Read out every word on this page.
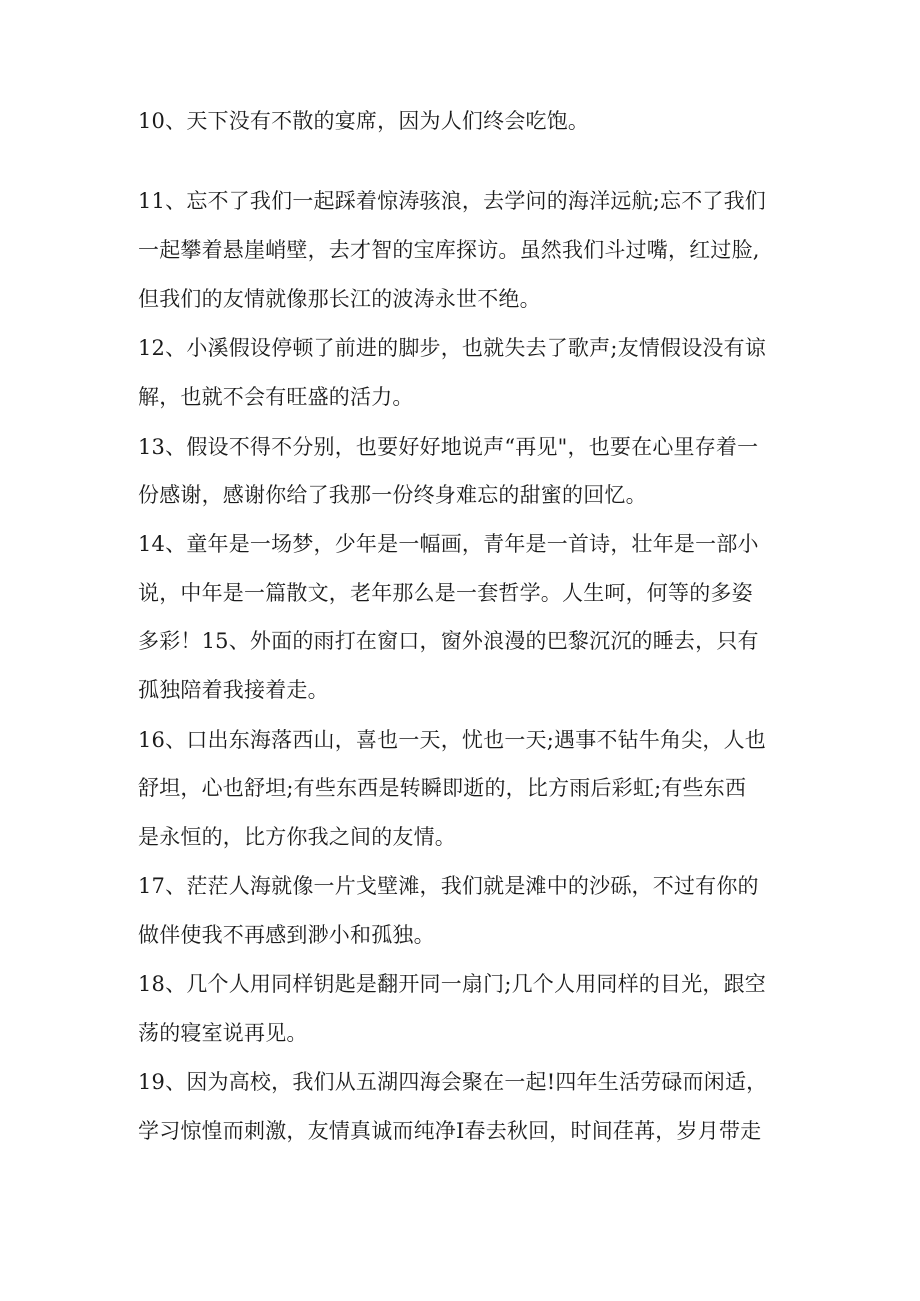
10、天下没有不散的宴席，因为人们终会吃饱。
11、忘不了我们一起踩着惊涛骇浪，去学问的海洋远航;忘不了我们
一起攀着悬崖峭壁，去才智的宝库探访。虽然我们斗过嘴，红过脸,
但我们的友情就像那长江的波涛永世不绝。
12、小溪假设停顿了前进的脚步，也就失去了歌声;友情假设没有谅
解，也就不会有旺盛的活力。
13、假设不得不分别，也要好好地说声“再见"，也要在心里存着一
份感谢，感谢你给了我那一份终身难忘的甜蜜的回忆。
14、童年是一场梦，少年是一幅画，青年是一首诗，壮年是一部小
说，中年是一篇散文，老年那么是一套哲学。人生呵，何等的多姿
多彩！15、外面的雨打在窗口，窗外浪漫的巴黎沉沉的睡去，只有
孤独陪着我接着走。
16、口出东海落西山，喜也一天，忧也一天;遇事不钻牛角尖，人也
舒坦，心也舒坦;有些东西是转瞬即逝的，比方雨后彩虹;有些东西
是永恒的，比方你我之间的友情。
17、茫茫人海就像一片戈壁滩，我们就是滩中的沙砾，不过有你的
做伴使我不再感到渺小和孤独。
18、几个人用同样钥匙是翻开同一扇门;几个人用同样的目光，跟空
荡的寝室说再见。
19、因为高校，我们从五湖四海会聚在一起!四年生活劳碌而闲适，
学习惊惶而刺激，友情真诚而纯净I春去秋回，时间荏苒，岁月带走
